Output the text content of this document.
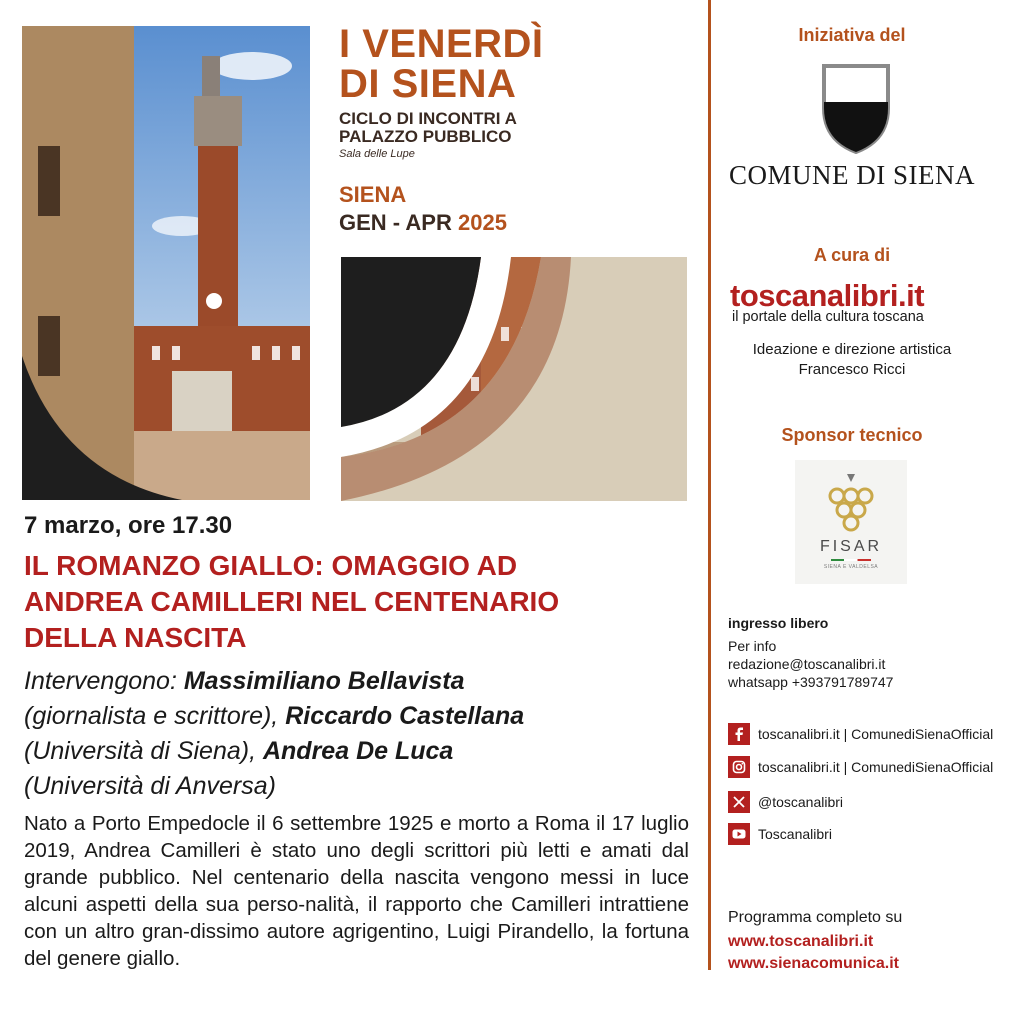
I VENERDÌ
DI SIENA
CICLO DI INCONTRI A
PALAZZO PUBBLICO
Sala delle Lupe
SIENA
GEN - APR 2025
7 marzo, ore 17.30
IL ROMANZO GIALLO: OMAGGIO AD
ANDREA CAMILLERI NEL CENTENARIO
DELLA NASCITA
Intervengono: Massimiliano Bellavista
(giornalista e scrittore), Riccardo Castellana
(Università di Siena), Andrea De Luca
(Università di Anversa)
Nato a Porto Empedocle il 6 settembre 1925 e morto a Roma il 17 luglio 2019, Andrea Camilleri è stato uno degli scrittori più letti e amati dal grande pubblico. Nel centenario della nascita vengono messi in luce alcuni aspetti della sua perso-nalità, il rapporto che Camilleri intrattiene con un altro gran-dissimo autore agrigentino, Luigi Pirandello, la fortuna del genere giallo.
Iniziativa del
COMUNE DI SIENA
A cura di
toscanalibri.it
il portale della cultura toscana
Ideazione e direzione artistica
Francesco Ricci
Sponsor tecnico
FISAR
SIENA E VALDELSA
ingresso libero
Per info
redazione@toscanalibri.it
whatsapp +393791789747
toscanalibri.it | ComunediSienaOfficial
toscanalibri.it | ComunediSienaOfficial
@toscanalibri
Toscanalibri
Programma completo su
www.toscanalibri.it
www.sienacomunica.it
